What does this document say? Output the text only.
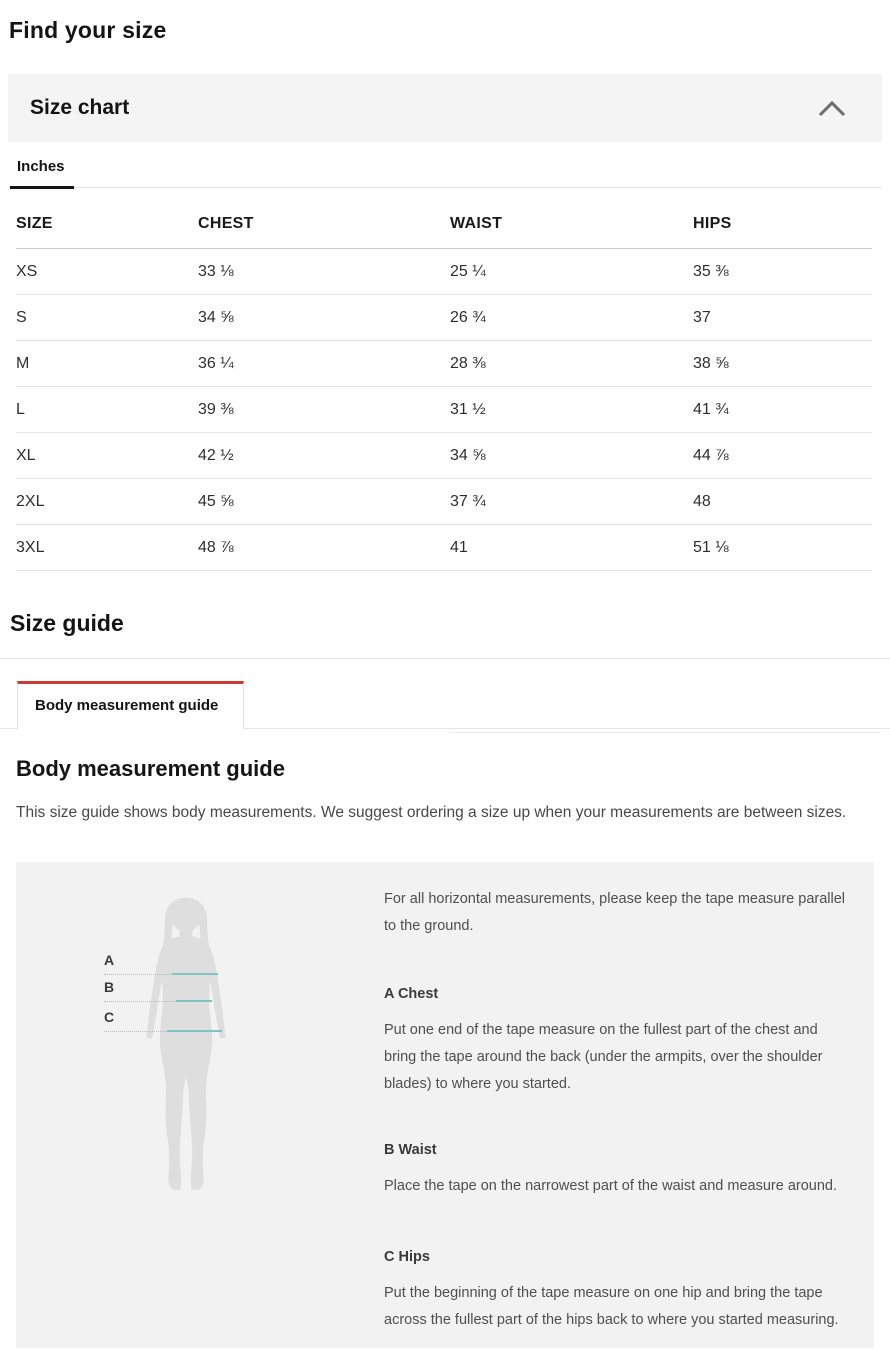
Find your size
Size chart
Inches
SIZE	CHEST	WAIST	HIPS
XS	33 ⅛	25 ¼	35 ⅜
S	34 ⅝	26 ¾	37
M	36 ¼	28 ⅜	38 ⅝
L	39 ⅜	31 ½	41 ¾
XL	42 ½	34 ⅝	44 ⅞
2XL	45 ⅝	37 ¾	48
3XL	48 ⅞	41	51 ⅛
Size guide
Body measurement guide
Body measurement guide

This size guide shows body measurements. We suggest ordering a size up when your measurements are between sizes.

A
B
C

For all horizontal measurements, please keep the tape measure parallel to the ground.

A Chest

Put one end of the tape measure on the fullest part of the chest and bring the tape around the back (under the armpits, over the shoulder blades) to where you started.

B Waist

Place the tape on the narrowest part of the waist and measure around.

C Hips

Put the beginning of the tape measure on one hip and bring the tape across the fullest part of the hips back to where you started measuring.
